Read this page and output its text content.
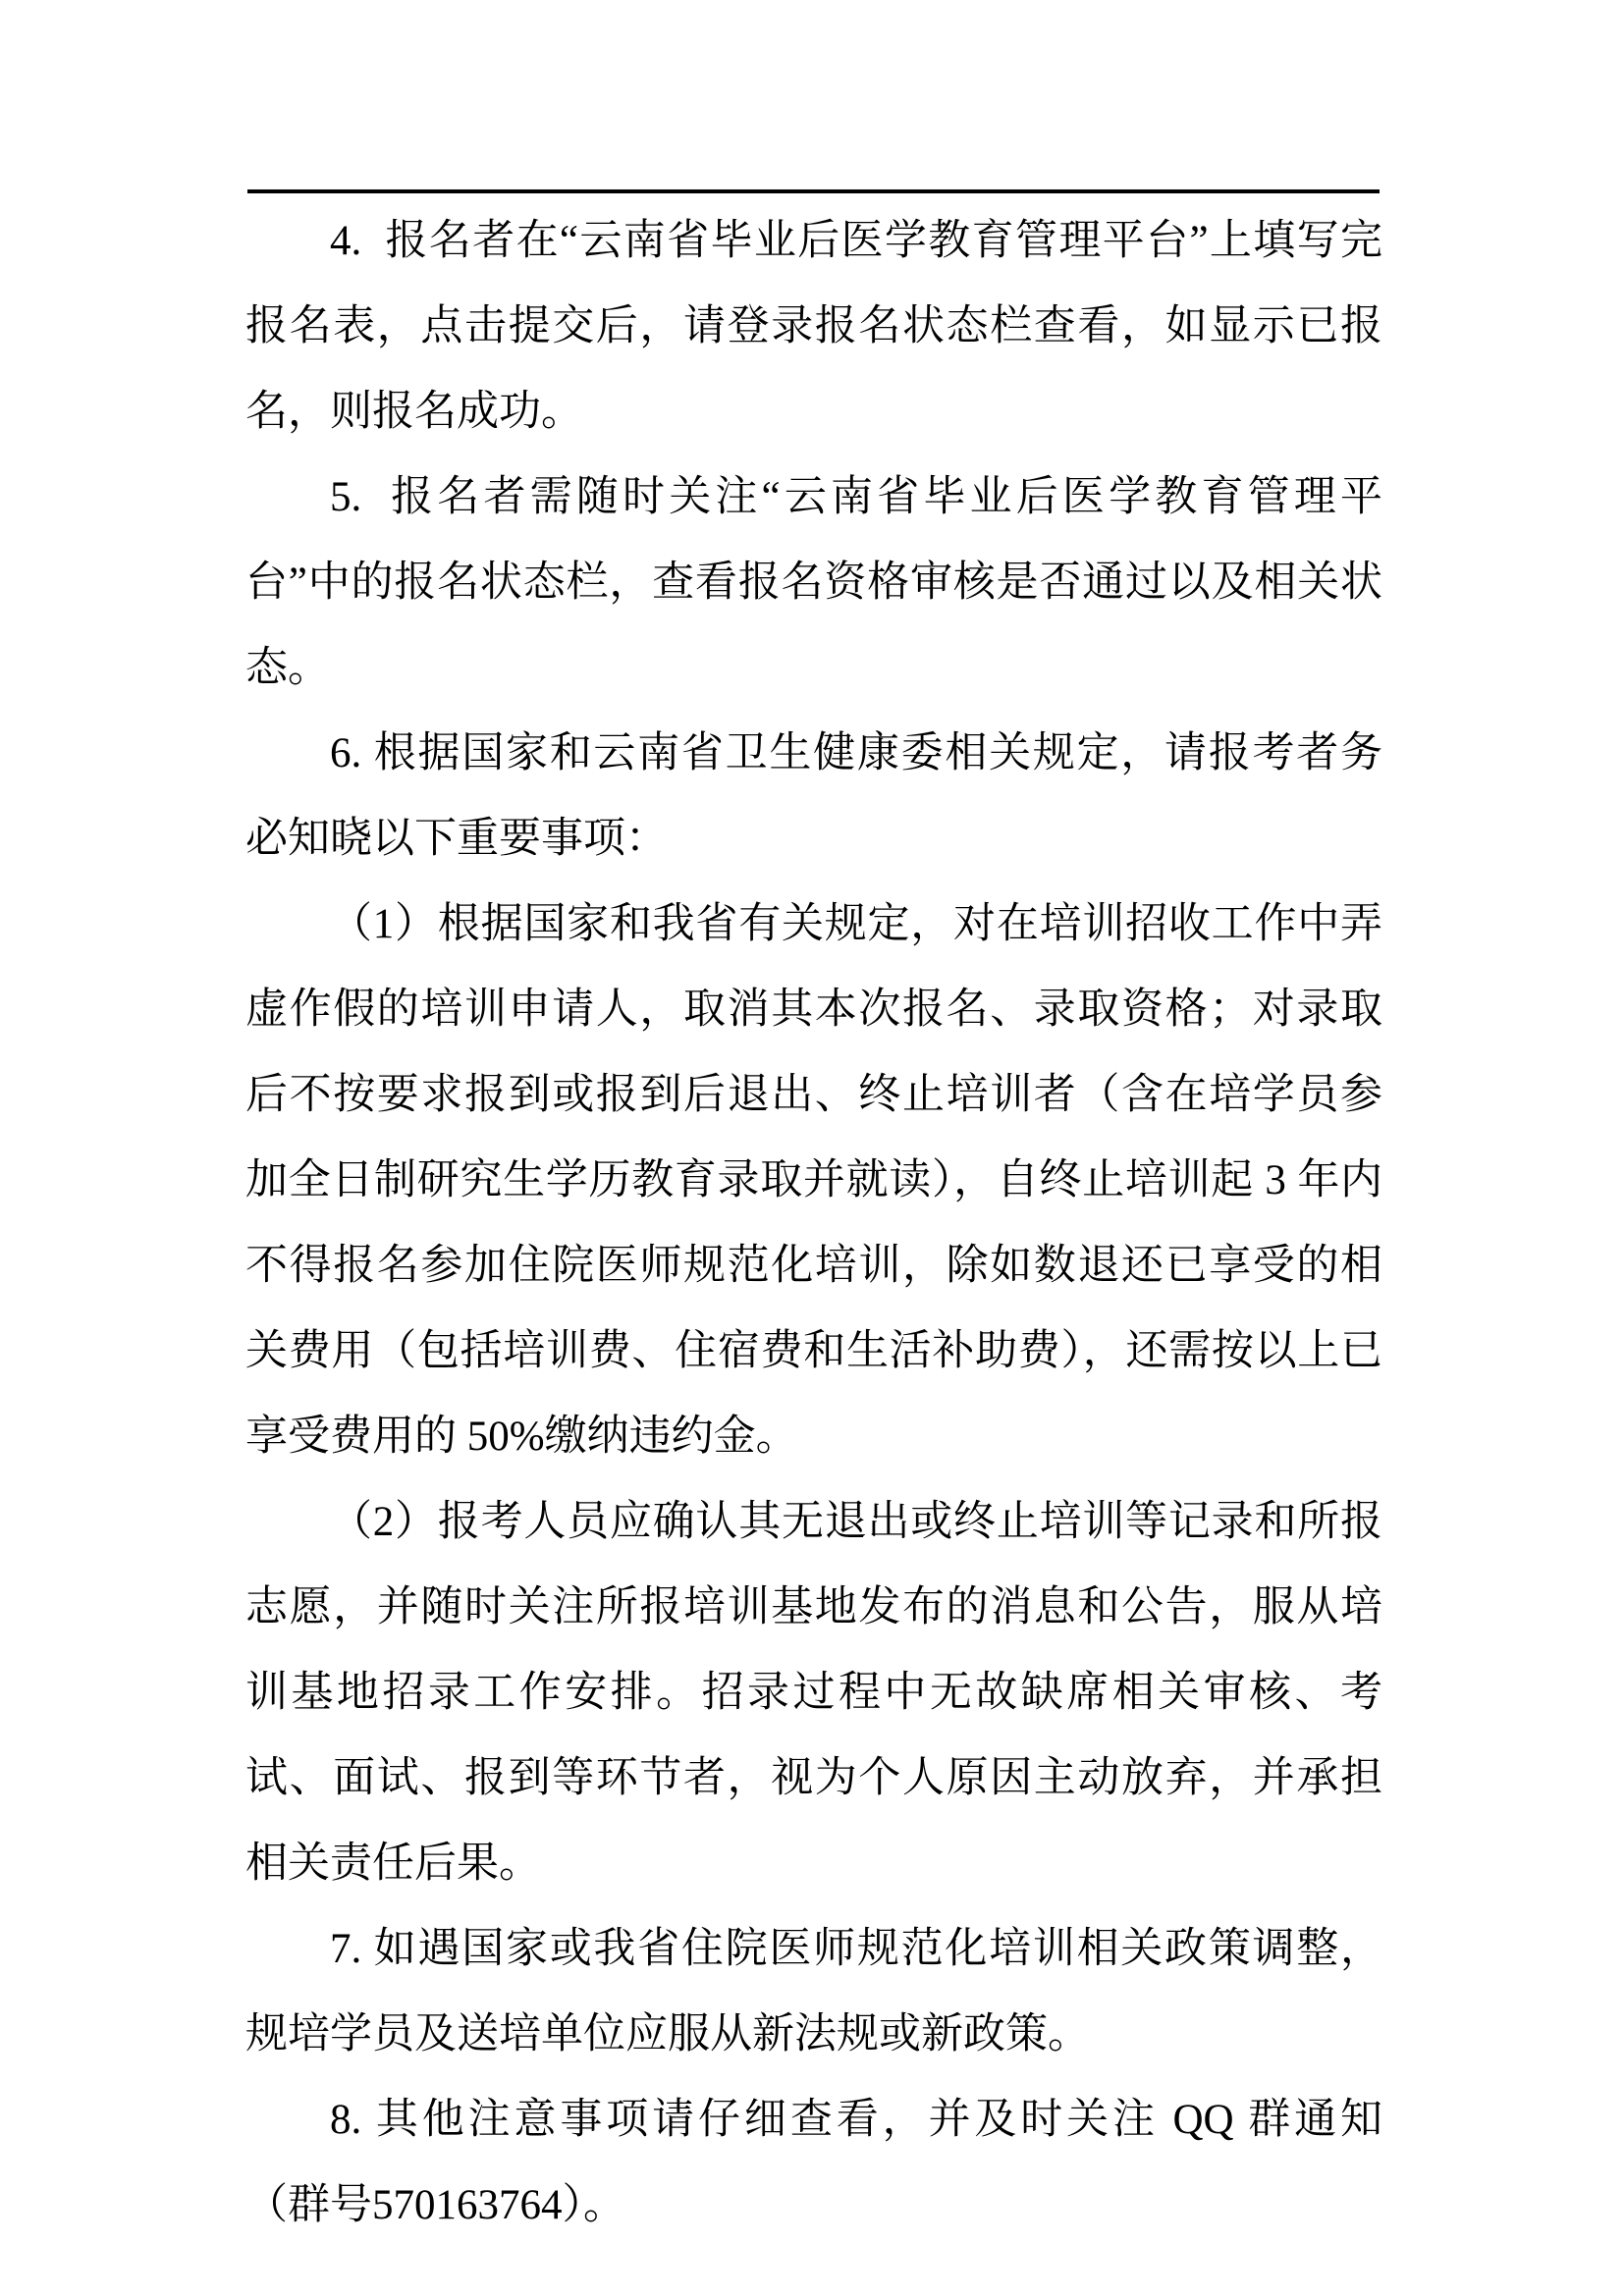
4.  报名者在“云南省毕业后医学教育管理平台”上填写完报名表，点击提交后，请登录报名状态栏查看，如显示已报名，则报名成功。

5.  报名者需随时关注“云南省毕业后医学教育管理平台”中的报名状态栏，查看报名资格审核是否通过以及相关状态。

6. 根据国家和云南省卫生健康委相关规定，请报考者务必知晓以下重要事项：

（1）根据国家和我省有关规定，对在培训招收工作中弄虚作假的培训申请人，取消其本次报名、录取资格；对录取后不按要求报到或报到后退出、终止培训者（含在培学员参加全日制研究生学历教育录取并就读），自终止培训起 3 年内不得报名参加住院医师规范化培训，除如数退还已享受的相关费用（包括培训费、住宿费和生活补助费），还需按以上已享受费用的 50%缴纳违约金。

（2）报考人员应确认其无退出或终止培训等记录和所报志愿，并随时关注所报培训基地发布的消息和公告，服从培训基地招录工作安排。招录过程中无故缺席相关审核、考试、面试、报到等环节者，视为个人原因主动放弃，并承担相关责任后果。

7. 如遇国家或我省住院医师规范化培训相关政策调整，规培学员及送培单位应服从新法规或新政策。

8. 其他注意事项请仔细查看，并及时关注 QQ 群通知（群号570163764）。
